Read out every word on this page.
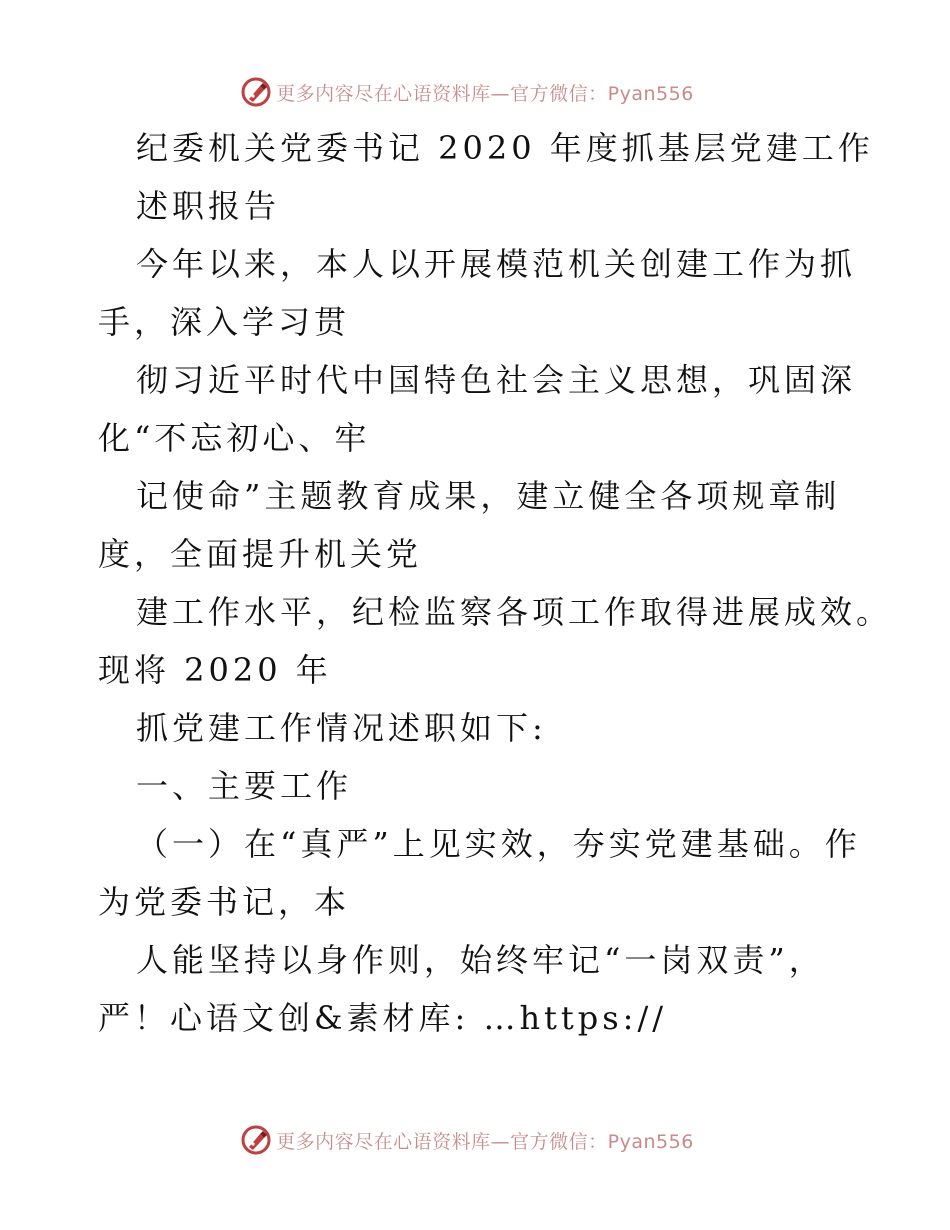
更多内容尽在心语资料库—官方微信：Pyan556
纪委机关党委书记 2020 年度抓基层党建工作
述职报告
今年以来，本人以开展模范机关创建工作为抓
手，深入学习贯
彻习近平时代中国特色社会主义思想，巩固深
化“不忘初心、牢
记使命”主题教育成果，建立健全各项规章制
度，全面提升机关党
建工作水平，纪检监察各项工作取得进展成效。
现将 2020 年
抓党建工作情况述职如下:
一、主要工作
（一）在“真严”上见实效，夯实党建基础。作
为党委书记，本
人能坚持以身作则，始终牢记“一岗双责”，
严！心语文创&素材库: …https://
更多内容尽在心语资料库—官方微信：Pyan556
